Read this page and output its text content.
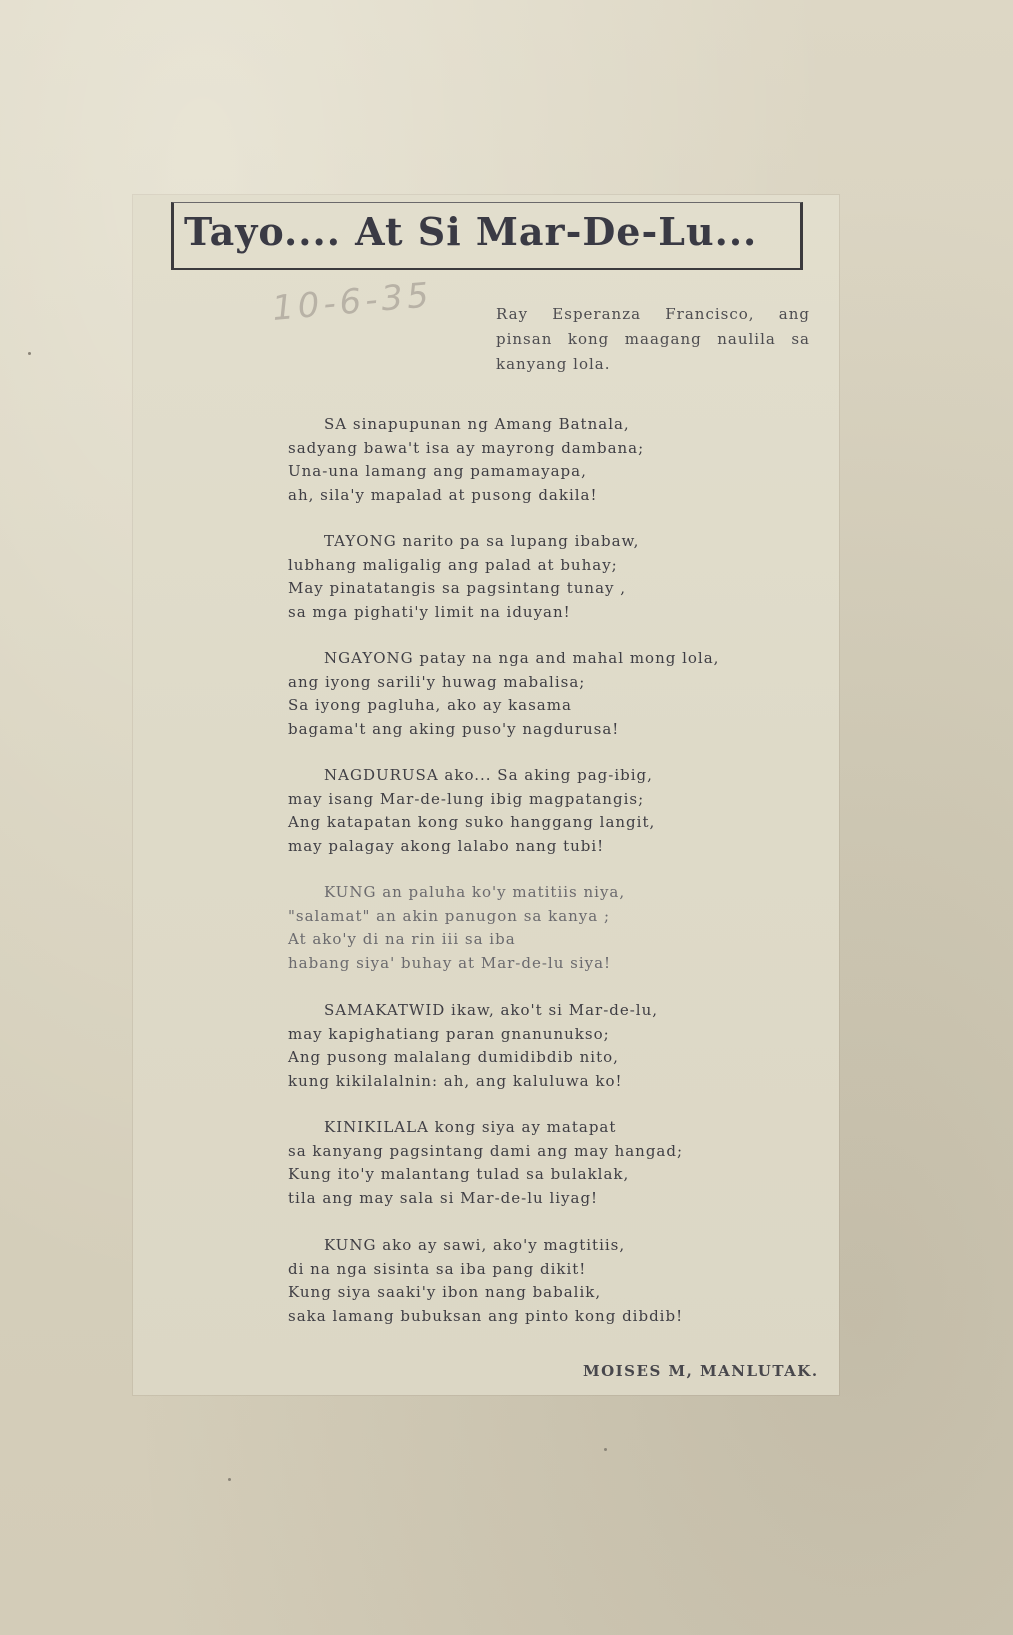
Tayo.... At Si Mar-De-Lu...
10-6-35	Ray Esperanza Francisco, ang pinsan kong maagang naulila sa kanyang lola.
SA sinapupunan ng Amang Batnala,
sadyang bawa't isa ay mayrong dambana;
Una-una lamang ang pamamayapa,
ah, sila'y mapalad at pusong dakila!
TAYONG narito pa sa lupang ibabaw,
lubhang maligalig ang palad at buhay;
May pinatatangis sa pagsintang tunay ,
sa mga pighati'y limit na iduyan!
NGAYONG patay na nga and mahal mong lola,
ang iyong sarili'y huwag mabalisa;
Sa iyong pagluha, ako ay kasama
bagama't ang aking puso'y nagdurusa!
NAGDURUSA ako... Sa aking pag-ibig,
may isang Mar-de-lung ibig magpatangis;
Ang katapatan kong suko hanggang langit,
may palagay akong lalabo nang tubi!
KUNG an paluha ko'y matitiis niya,
"salamat" an akin panugon sa kanya ;
At ako'y di na rin iii sa iba
habang siya' buhay at Mar-de-lu siya!
SAMAKATWID ikaw, ako't si Mar-de-lu,
may kapighatiang paran gnanunukso;
Ang pusong malalang dumidibdib nito,
kung kikilalalnin: ah, ang kaluluwa ko!
KINIKILALA kong siya ay matapat
sa kanyang pagsintang dami ang may hangad;
Kung ito'y malantang tulad sa bulaklak,
tila ang may sala si Mar-de-lu liyag!
KUNG ako ay sawi, ako'y magtitiis,
di na nga sisinta sa iba pang dikit!
Kung siya saaki'y ibon nang babalik,
saka lamang bubuksan ang pinto kong dibdib!
MOISES M, MANLUTAK.
